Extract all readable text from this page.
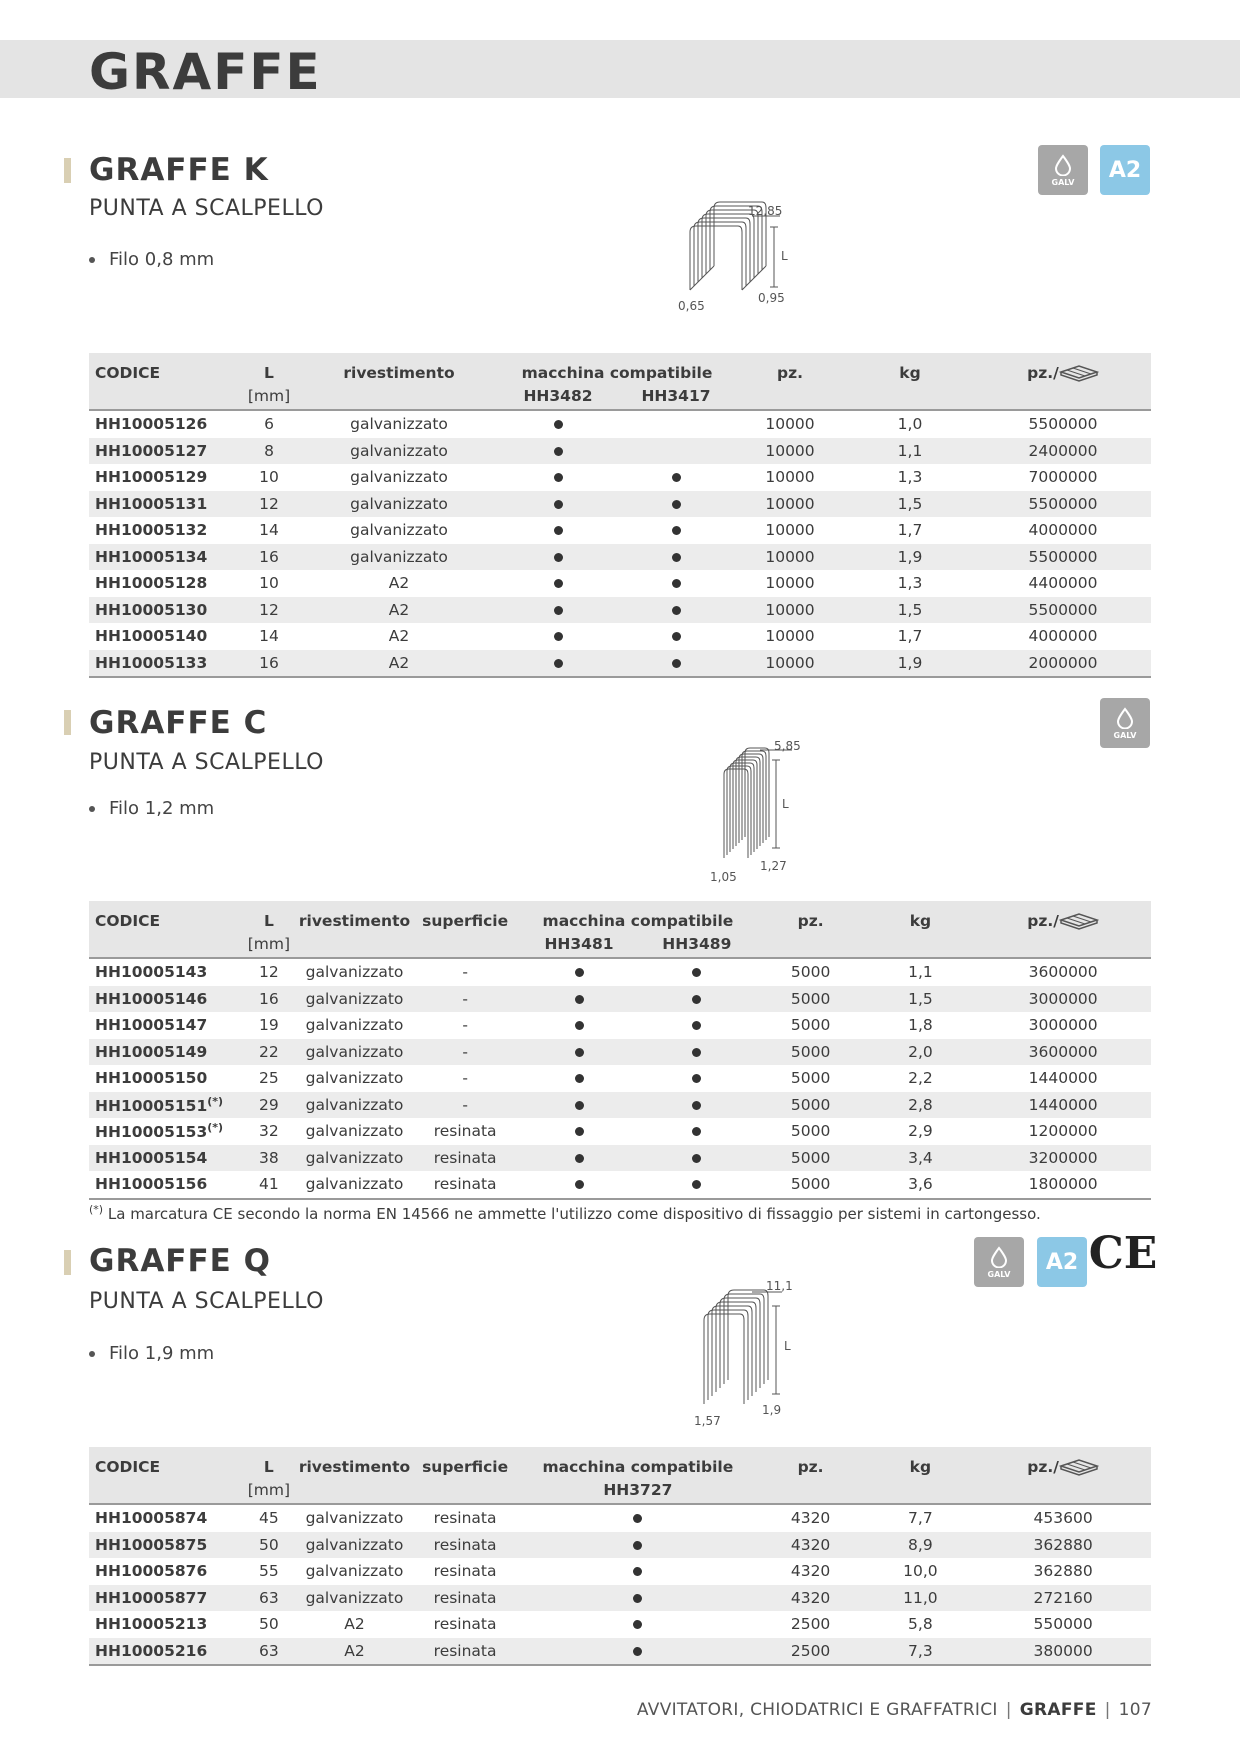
GRAFFE
GRAFFE K
PUNTA A SCALPELLO
Filo 0,8 mm
GALV	A2
12,85
L
0,65
0,95
CODICE	L	rivestimento	macchina compatibile		pz.	kg	pz./
	[mm]		HH3482	HH3417			
HH10005126	6	galvanizzato			10000	1,0	5500000
HH10005127	8	galvanizzato			10000	1,1	2400000
HH10005129	10	galvanizzato			10000	1,3	7000000
HH10005131	12	galvanizzato			10000	1,5	5500000
HH10005132	14	galvanizzato			10000	1,7	4000000
HH10005134	16	galvanizzato			10000	1,9	5500000
HH10005128	10	A2			10000	1,3	4400000
HH10005130	12	A2			10000	1,5	5500000
HH10005140	14	A2			10000	1,7	4000000
HH10005133	16	A2			10000	1,9	2000000
GRAFFE C
PUNTA A SCALPELLO
Filo 1,2 mm
GALV
5,85
L
1,05
1,27
CODICE	L	rivestimento	superficie	macchina compatibile		pz.	kg	pz./
	[mm]			HH3481	HH3489			
HH10005143	12	galvanizzato	-			5000	1,1	3600000
HH10005146	16	galvanizzato	-			5000	1,5	3000000
HH10005147	19	galvanizzato	-			5000	1,8	3000000
HH10005149	22	galvanizzato	-			5000	2,0	3600000
HH10005150	25	galvanizzato	-			5000	2,2	1440000
HH10005151(*)	29	galvanizzato	-			5000	2,8	1440000
HH10005153(*)	32	galvanizzato	resinata			5000	2,9	1200000
HH10005154	38	galvanizzato	resinata			5000	3,4	3200000
HH10005156	41	galvanizzato	resinata			5000	3,6	1800000
(*) La marcatura CE secondo la norma EN 14566 ne ammette l'utilizzo come dispositivo di fissaggio per sistemi in cartongesso.
GRAFFE Q
PUNTA A SCALPELLO
Filo 1,9 mm
GALV	A2 CE
11,1
L
1,57
1,9
CODICE	L	rivestimento	superficie	macchina compatibile	pz.	kg	pz./
	[mm]			HH3727			
HH10005874	45	galvanizzato	resinata		4320	7,7	453600
HH10005875	50	galvanizzato	resinata		4320	8,9	362880
HH10005876	55	galvanizzato	resinata		4320	10,0	362880
HH10005877	63	galvanizzato	resinata		4320	11,0	272160
HH10005213	50	A2	resinata		2500	5,8	550000
HH10005216	63	A2	resinata		2500	7,3	380000
AVVITATORI, CHIODATRICI E GRAFFATRICI | GRAFFE | 107
